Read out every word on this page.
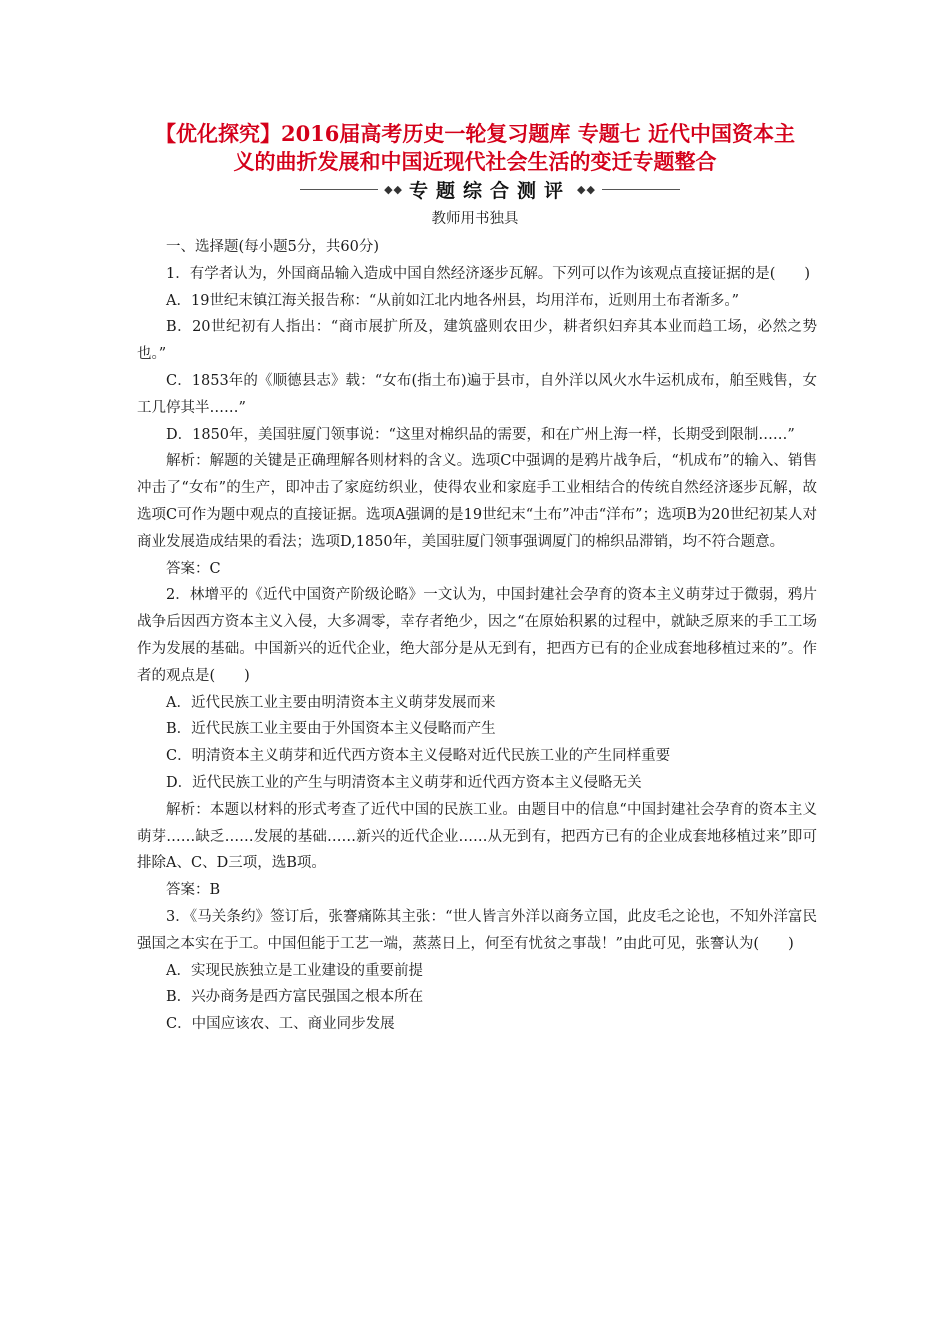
【优化探究】2016届高考历史一轮复习题库 专题七 近代中国资本主
义的曲折发展和中国近现代社会生活的变迁专题整合
◆◆ 专题综合测评 ◆◆
教师用书独具

一、选择题(每小题5分，共60分)

1．有学者认为，外国商品输入造成中国自然经济逐步瓦解。下列可以作为该观点直接证据的是(　　)

A．19世纪末镇江海关报告称：“从前如江北内地各州县，均用洋布，近则用土布者渐多。”

B．20世纪初有人指出：“商市展扩所及，建筑盛则农田少，耕者织妇弃其本业而趋工场，必然之势也。”

C．1853年的《顺德县志》载：“女布(指土布)遍于县市，自外洋以风火水牛运机成布，舶至贱售，女工几停其半……”

D．1850年，美国驻厦门领事说：“这里对棉织品的需要，和在广州上海一样，长期受到限制……”

解析：解题的关键是正确理解各则材料的含义。选项C中强调的是鸦片战争后，“机成布”的输入、销售冲击了“女布”的生产，即冲击了家庭纺织业，使得农业和家庭手工业相结合的传统自然经济逐步瓦解，故选项C可作为题中观点的直接证据。选项A强调的是19世纪末“土布”冲击“洋布”；选项B为20世纪初某人对商业发展造成结果的看法；选项D,1850年，美国驻厦门领事强调厦门的棉织品滞销，均不符合题意。

答案：C

2．林增平的《近代中国资产阶级论略》一文认为，中国封建社会孕育的资本主义萌芽过于微弱，鸦片战争后因西方资本主义入侵，大多凋零，幸存者绝少，因之“在原始积累的过程中，就缺乏原来的手工工场作为发展的基础。中国新兴的近代企业，绝大部分是从无到有，把西方已有的企业成套地移植过来的”。作者的观点是(　　)

A．近代民族工业主要由明清资本主义萌芽发展而来

B．近代民族工业主要由于外国资本主义侵略而产生

C．明清资本主义萌芽和近代西方资本主义侵略对近代民族工业的产生同样重要

D．近代民族工业的产生与明清资本主义萌芽和近代西方资本主义侵略无关

解析：本题以材料的形式考查了近代中国的民族工业。由题目中的信息“中国封建社会孕育的资本主义萌芽……缺乏……发展的基础……新兴的近代企业……从无到有，把西方已有的企业成套地移植过来”即可排除A、C、D三项，选B项。

答案：B

3．《马关条约》签订后，张謇痛陈其主张：“世人皆言外洋以商务立国，此皮毛之论也，不知外洋富民强国之本实在于工。中国但能于工艺一端，蒸蒸日上，何至有忧贫之事哉！”由此可见，张謇认为(　　)

A．实现民族独立是工业建设的重要前提

B．兴办商务是西方富民强国之根本所在

C．中国应该农、工、商业同步发展
